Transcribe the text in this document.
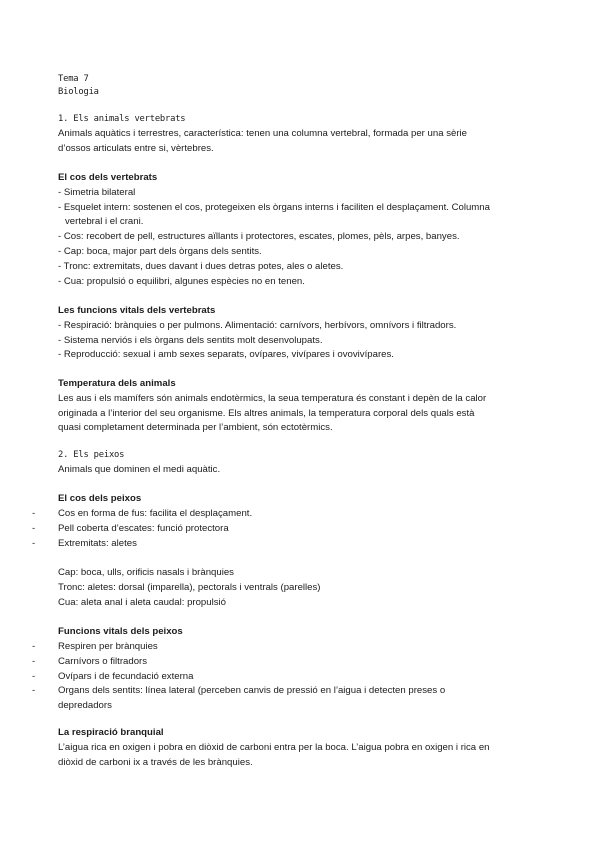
Tema 7
Biologia
1. Els animals vertebrats
Animals aquàtics i terrestres, característica: tenen una columna vertebral, formada per una sèrie
d’ossos articulats entre si, vèrtebres.
El cos dels vertebrats
- Simetria bilateral
- Esquelet intern: sostenen el cos, protegeixen els òrgans interns i faciliten el desplaçament. Columna
vertebral i el crani.
- Cos: recobert de pell, estructures aïllants i protectores, escates, plomes, pèls, arpes, banyes.
- Cap: boca, major part dels òrgans dels sentits.
- Tronc: extremitats, dues davant i dues detras potes, ales o aletes.
- Cua: propulsió o equilibri, algunes espècies no en tenen.
Les funcions vitals dels vertebrats
- Respiració: brànquies o per pulmons. Alimentació: carnívors, herbívors, omnívors i filtradors.
- Sistema nerviós i els òrgans dels sentits molt desenvolupats.
- Reproducció: sexual i amb sexes separats, ovípares, vivípares i ovovivípares.
Temperatura dels animals
Les aus i els mamífers són animals endotèrmics, la seua temperatura és constant i depèn de la calor
originada a l’interior del seu organisme. Els altres animals, la temperatura corporal dels quals està
quasi completament determinada per l’ambient, són ectotèrmics.
2. Els peixos
Animals que dominen el medi aquàtic.
El cos dels peixos
- Cos en forma de fus: facilita el desplaçament.
- Pell coberta d’escates: funció protectora
- Extremitats: aletes
Cap: boca, ulls, orificis nasals i brànquies
Tronc: aletes: dorsal (imparella), pectorals i ventrals (parelles)
Cua: aleta anal i aleta caudal: propulsió
Funcions vitals dels peixos
- Respiren per brànquies
- Carnívors o filtradors
- Ovípars i de fecundació externa
- Organs dels sentits: línea lateral (perceben canvis de pressió en l’aigua i detecten preses o
depredadors
La respiració branquial
L’aigua rica en oxigen i pobra en diòxid de carboni entra per la boca. L’aigua pobra en oxigen i rica en
diòxid de carboni ix a través de les brànquies.
